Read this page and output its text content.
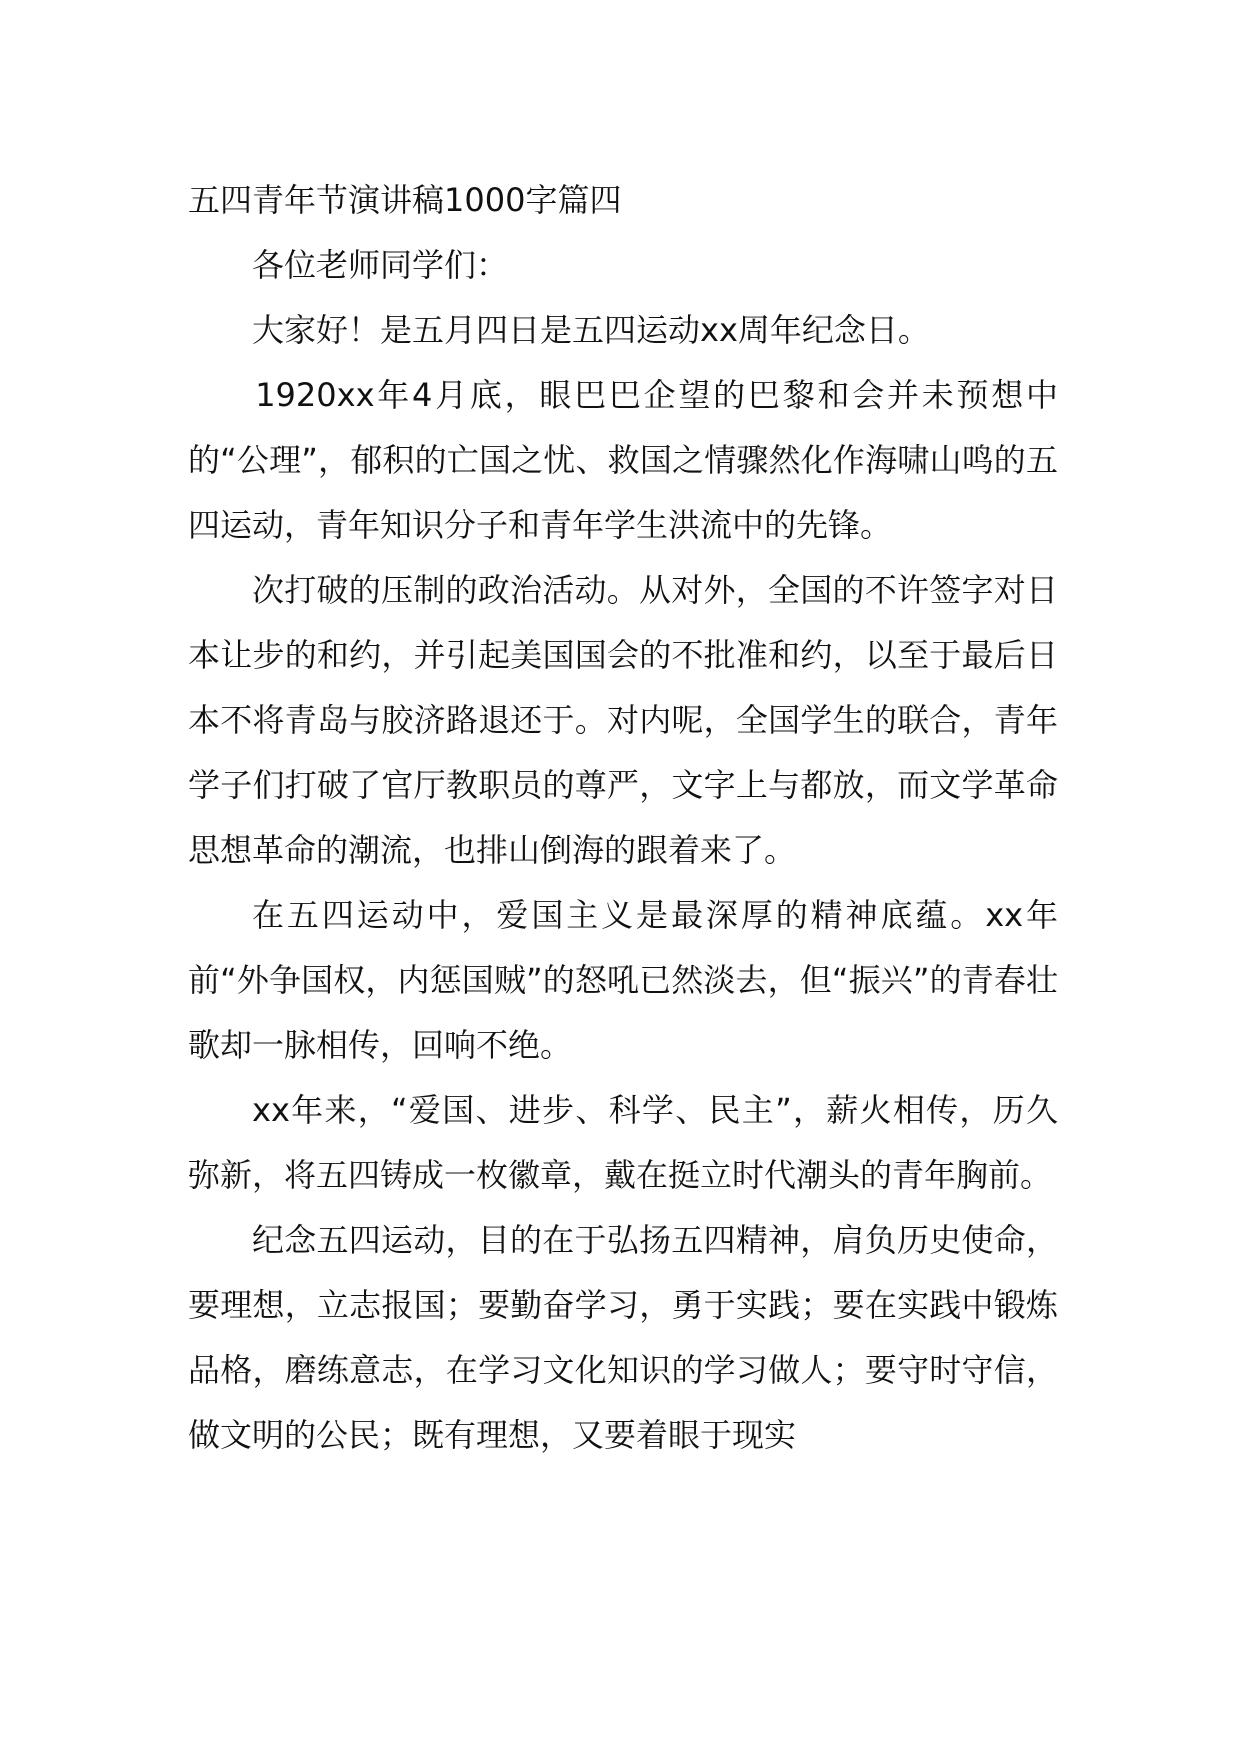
五四青年节演讲稿1000字篇四

各位老师同学们：

大家好！是五月四日是五四运动xx周年纪念日。

1920xx年4月底，眼巴巴企望的巴黎和会并未预想中的“公理”，郁积的亡国之忧、救国之情骤然化作海啸山鸣的五四运动，青年知识分子和青年学生洪流中的先锋。

次打破的压制的政治活动。从对外，全国的不许签字对日本让步的和约，并引起美国国会的不批准和约，以至于最后日本不将青岛与胶济路退还于。对内呢，全国学生的联合，青年学子们打破了官厅教职员的尊严，文字上与都放，而文学革命思想革命的潮流，也排山倒海的跟着来了。

在五四运动中，爱国主义是最深厚的精神底蕴。xx年前“外争国权，内惩国贼”的怒吼已然淡去，但“振兴”的青春壮歌却一脉相传，回响不绝。

xx年来，“爱国、进步、科学、民主”，薪火相传，历久弥新，将五四铸成一枚徽章，戴在挺立时代潮头的青年胸前。

纪念五四运动，目的在于弘扬五四精神，肩负历史使命，要理想，立志报国；要勤奋学习，勇于实践；要在实践中锻炼品格，磨练意志，在学习文化知识的学习做人；要守时守信，做文明的公民；既有理想，又要着眼于现实
